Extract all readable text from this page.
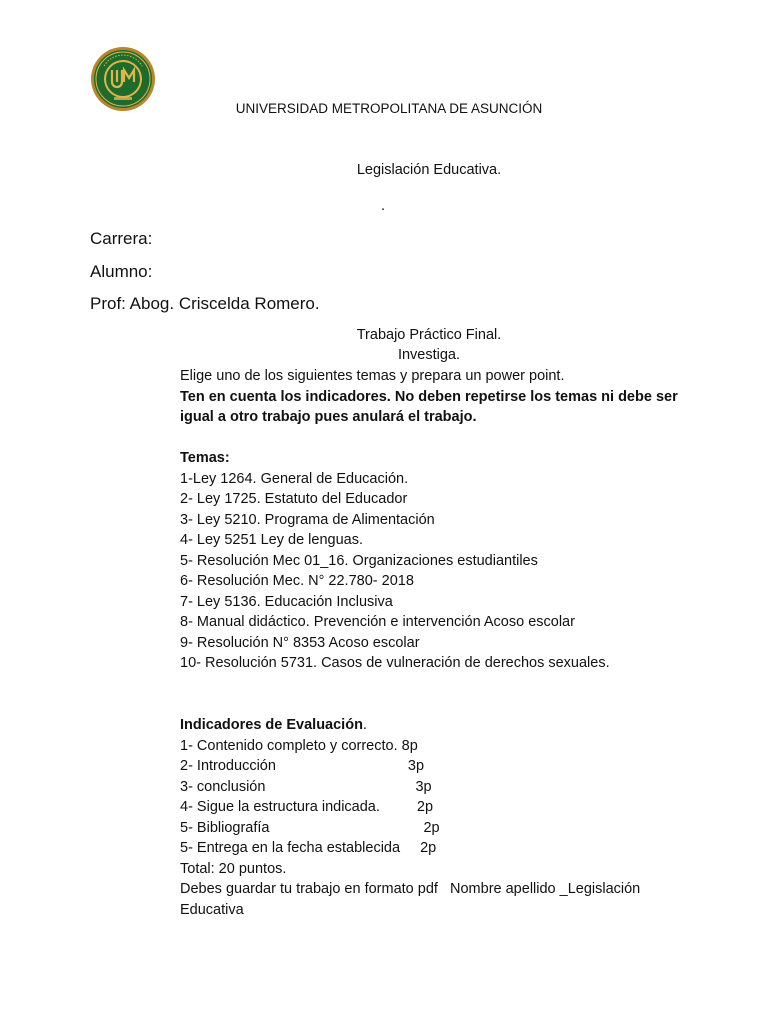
UNIVERSIDAD METROPOLITANA DE ASUNCIÓN
Legislación Educativa.
.
Carrera:
Alumno:
Prof: Abog. Criscelda Romero.
Trabajo Práctico Final.
Investiga.
Elige uno de los siguientes temas y prepara un power point.
Ten en cuenta los indicadores. No deben repetirse los temas ni debe ser igual a otro trabajo pues anulará el trabajo.

Temas:
1-Ley 1264. General de Educación.
2- Ley 1725. Estatuto del Educador
3- Ley 5210. Programa de Alimentación
4- Ley 5251 Ley de lenguas.
5- Resolución Mec 01_16. Organizaciones estudiantiles
6- Resolución Mec. N° 22.780- 2018
7- Ley 5136. Educación Inclusiva
8- Manual didáctico. Prevención e intervención Acoso escolar
9- Resolución N° 8353 Acoso escolar
10- Resolución 5731. Casos de vulneración de derechos sexuales.
Indicadores de Evaluación.
1- Contenido completo y correcto. 8p
2- Introducción	3p
3- conclusión	3p
4- Sigue la estructura indicada.	2p
5- Bibliografía	2p
5- Entrega en la fecha establecida 2p
Total: 20 puntos.
Debes guardar tu trabajo en formato pdf   Nombre apellido _Legislación Educativa
